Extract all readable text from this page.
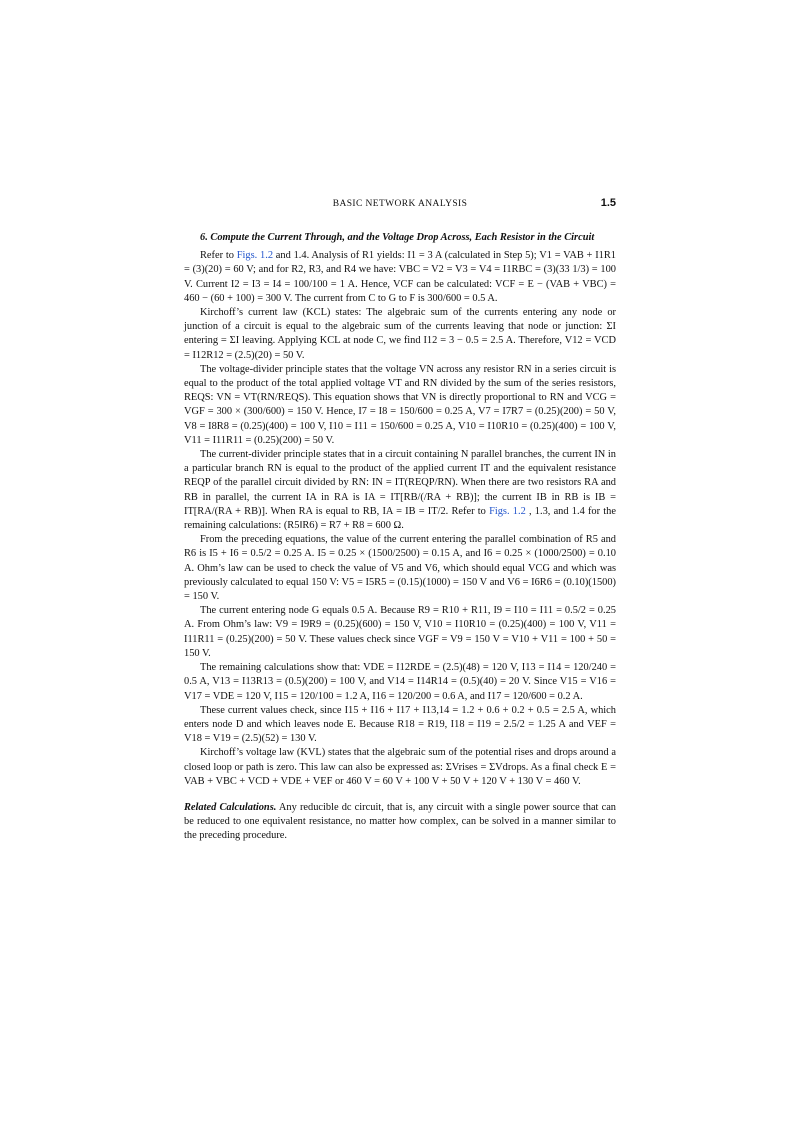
BASIC NETWORK ANALYSIS	1.5

6. Compute the Current Through, and the Voltage Drop Across, Each Resistor in the Circuit

Refer to Figs. 1.2 and 1.4. Analysis of R1 yields: I1 = 3 A (calculated in Step 5); V1 = VAB + I1R1 = (3)(20) = 60 V; and for R2, R3, and R4 we have: VBC = V2 = V3 = V4 = I1RBC = (3)(33 1/3) = 100 V. Current I2 = I3 = I4 = 100/100 = 1 A. Hence, VCF can be calculated: VCF = E − (VAB + VBC) = 460 − (60 + 100) = 300 V. The current from C to G to F is 300/600 = 0.5 A.

Kirchoff’s current law (KCL) states: The algebraic sum of the currents entering any node or junction of a circuit is equal to the algebraic sum of the currents leaving that node or junction: ΣI entering = ΣI leaving. Applying KCL at node C, we find I12 = 3 − 0.5 = 2.5 A. Therefore, V12 = VCD = I12R12 = (2.5)(20) = 50 V.

The voltage-divider principle states that the voltage VN across any resistor RN in a series circuit is equal to the product of the total applied voltage VT and RN divided by the sum of the series resistors, REQS: VN = VT(RN/REQS). This equation shows that VN is directly proportional to RN and VCG = VGF = 300 × (300/600) = 150 V. Hence, I7 = I8 = 150/600 = 0.25 A, V7 = I7R7 = (0.25)(200) = 50 V, V8 = I8R8 = (0.25)(400) = 100 V, I10 = I11 = 150/600 = 0.25 A, V10 = I10R10 = (0.25)(400) = 100 V, V11 = I11R11 = (0.25)(200) = 50 V.

The current-divider principle states that in a circuit containing N parallel branches, the current IN in a particular branch RN is equal to the product of the applied current IT and the equivalent resistance REQP of the parallel circuit divided by RN: IN = IT(REQP/RN). When there are two resistors RA and RB in parallel, the current IA in RA is IA = IT[RB/(/RA + RB)]; the current IB in RB is IB = IT[RA/(RA + RB)]. When RA is equal to RB, IA = IB = IT/2. Refer to Figs. 1.2 , 1.3, and 1.4 for the remaining calculations: (R5‖R6) = R7 + R8 = 600 Ω.

From the preceding equations, the value of the current entering the parallel combination of R5 and R6 is I5 + I6 = 0.5/2 = 0.25 A. I5 = 0.25 × (1500/2500) = 0.15 A, and I6 = 0.25 × (1000/2500) = 0.10 A. Ohm’s law can be used to check the value of V5 and V6, which should equal VCG and which was previously calculated to equal 150 V: V5 = I5R5 = (0.15)(1000) = 150 V and V6 = I6R6 = (0.10)(1500) = 150 V.

The current entering node G equals 0.5 A. Because R9 = R10 + R11, I9 = I10 = I11 = 0.5/2 = 0.25 A. From Ohm’s law: V9 = I9R9 = (0.25)(600) = 150 V, V10 = I10R10 = (0.25)(400) = 100 V, V11 = I11R11 = (0.25)(200) = 50 V. These values check since VGF = V9 = 150 V = V10 + V11 = 100 + 50 = 150 V.

The remaining calculations show that: VDE = I12RDE = (2.5)(48) = 120 V, I13 = I14 = 120/240 = 0.5 A, V13 = I13R13 = (0.5)(200) = 100 V, and V14 = I14R14 = (0.5)(40) = 20 V. Since V15 = V16 = V17 = VDE = 120 V, I15 = 120/100 = 1.2 A, I16 = 120/200 = 0.6 A, and I17 = 120/600 = 0.2 A.

These current values check, since I15 + I16 + I17 + I13,14 = 1.2 + 0.6 + 0.2 + 0.5 = 2.5 A, which enters node D and which leaves node E. Because R18 = R19, I18 = I19 = 2.5/2 = 1.25 A and VEF = V18 = V19 = (2.5)(52) = 130 V.

Kirchoff’s voltage law (KVL) states that the algebraic sum of the potential rises and drops around a closed loop or path is zero. This law can also be expressed as: ΣVrises = ΣVdrops. As a final check E = VAB + VBC + VCD + VDE + VEF or 460 V = 60 V + 100 V + 50 V + 120 V + 130 V = 460 V.

Related Calculations. Any reducible dc circuit, that is, any circuit with a single power source that can be reduced to one equivalent resistance, no matter how complex, can be solved in a manner similar to the preceding procedure.
